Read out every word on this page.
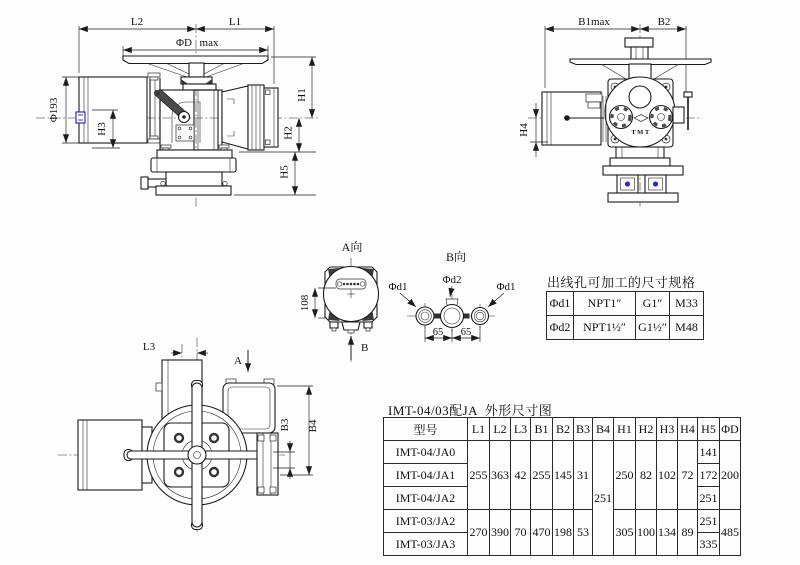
L2	L1
ΦD max
Φ193
H3
H1
H2
H5
B1max	B2
TMT
H4
A向
108
B
B向
Φd1
Φd2
Φd1
65 65
L3
A
B3 B4
出线孔可加工的尺寸规格
Φd1	NPT1″	G1″	M33
Φd2	NPT1½″	G1½″	M48
IMT-04/03配JA  外形尺寸图
型号	L1	L2	L3	B1	B2	B3	B4	H1	H2	H3	H4	H5	ΦD
IMT-04/JA0	255	363	42	255	145	31	251	250	82	102	72	141	200
IMT-04/JA1												172	
IMT-04/JA2												251	
IMT-03/JA2	270	390	70	470	198	53		305	100	134	89	251	485
IMT-03/JA3												335	
